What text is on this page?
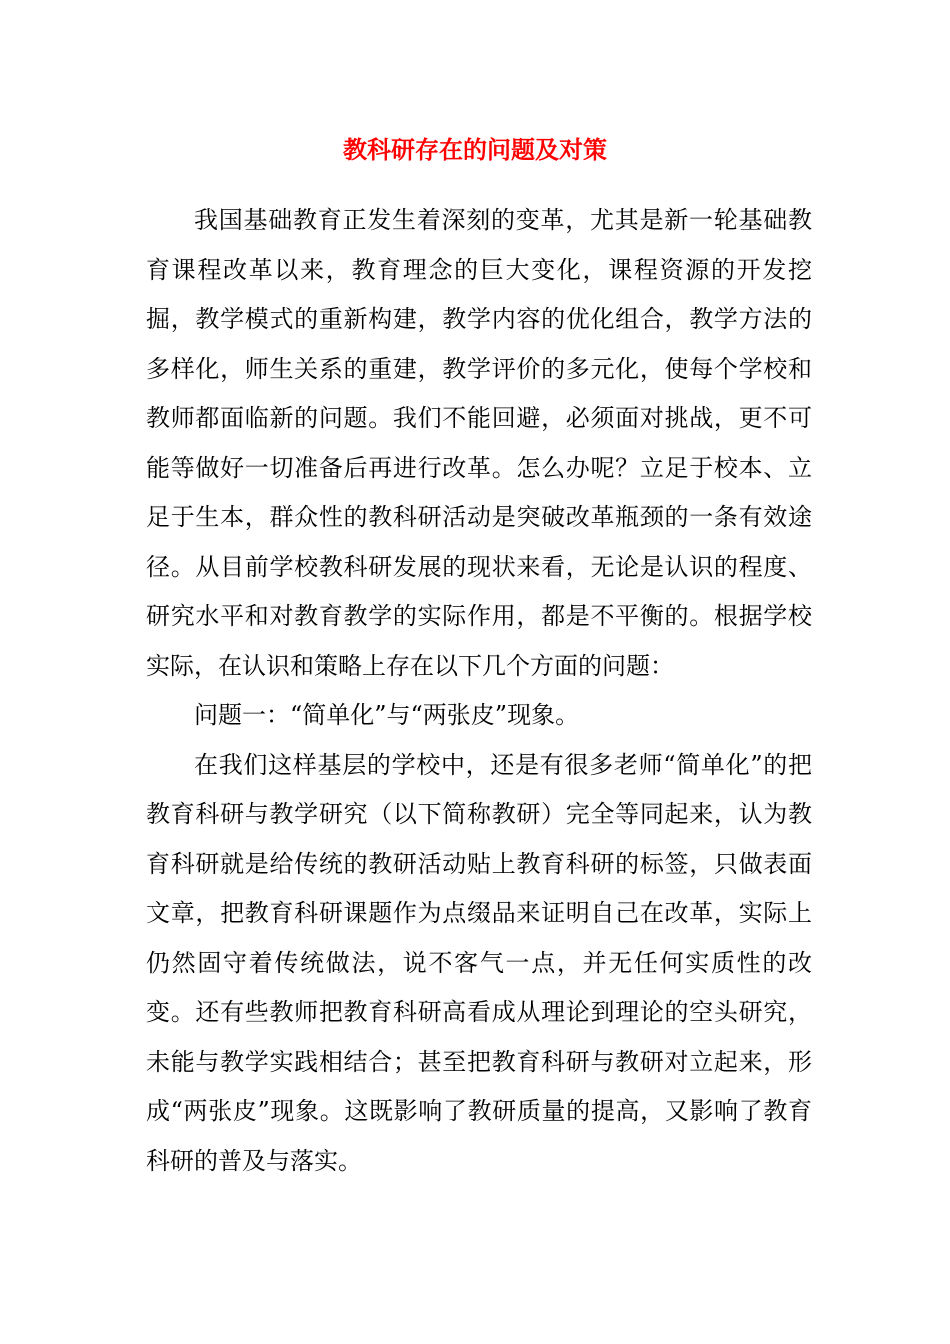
教科研存在的问题及对策

我国基础教育正发生着深刻的变革，尤其是新一轮基础教育课程改革以来，教育理念的巨大变化，课程资源的开发挖掘，教学模式的重新构建，教学内容的优化组合，教学方法的多样化，师生关系的重建，教学评价的多元化，使每个学校和教师都面临新的问题。我们不能回避，必须面对挑战，更不可能等做好一切准备后再进行改革。怎么办呢？立足于校本、立足于生本，群众性的教科研活动是突破改革瓶颈的一条有效途径。从目前学校教科研发展的现状来看，无论是认识的程度、研究水平和对教育教学的实际作用，都是不平衡的。根据学校实际，在认识和策略上存在以下几个方面的问题：

问题一：“简单化”与“两张皮”现象。

在我们这样基层的学校中，还是有很多老师“简单化”的把教育科研与教学研究（以下简称教研）完全等同起来，认为教育科研就是给传统的教研活动贴上教育科研的标签，只做表面文章，把教育科研课题作为点缀品来证明自己在改革，实际上仍然固守着传统做法，说不客气一点，并无任何实质性的改变。还有些教师把教育科研高看成从理论到理论的空头研究，未能与教学实践相结合；甚至把教育科研与教研对立起来，形成“两张皮”现象。这既影响了教研质量的提高，又影响了教育科研的普及与落实。
